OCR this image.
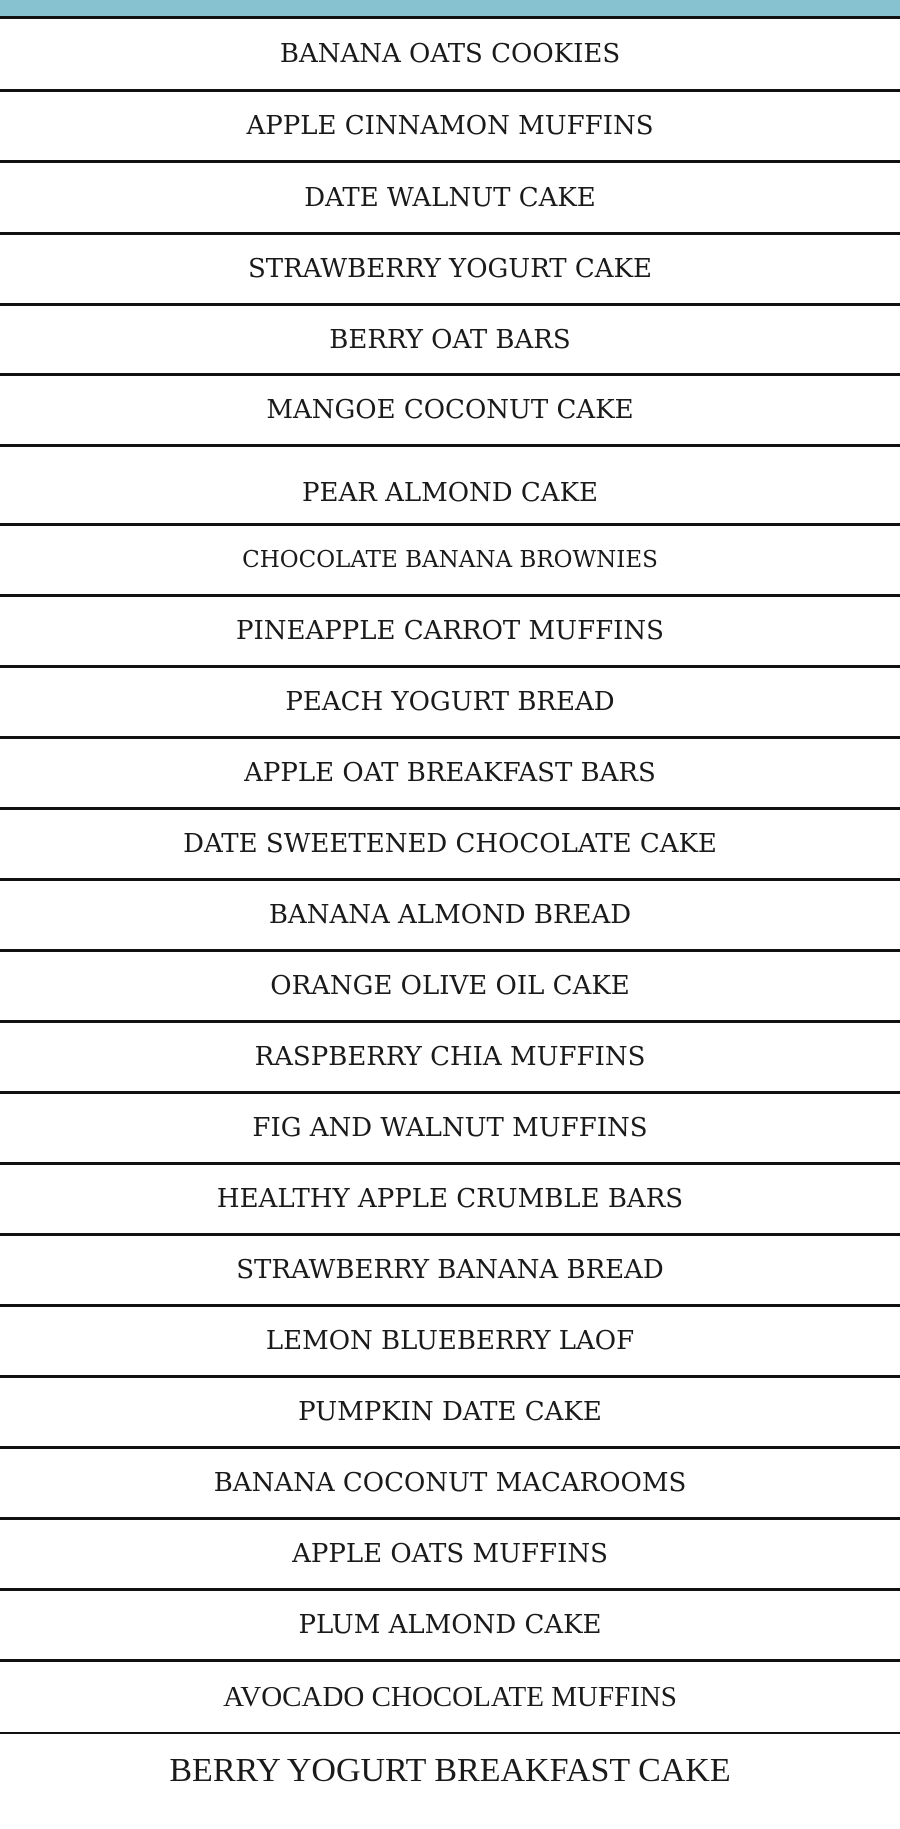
BANANA OATS COOKIES
APPLE CINNAMON MUFFINS
DATE WALNUT CAKE
STRAWBERRY YOGURT CAKE
BERRY OAT BARS
MANGOE COCONUT CAKE
PEAR ALMOND CAKE
CHOCOLATE BANANA BROWNIES
PINEAPPLE CARROT MUFFINS
PEACH YOGURT BREAD
APPLE OAT BREAKFAST BARS
DATE SWEETENED CHOCOLATE CAKE
BANANA ALMOND BREAD
ORANGE OLIVE OIL CAKE
RASPBERRY CHIA MUFFINS
FIG AND WALNUT MUFFINS
HEALTHY APPLE CRUMBLE BARS
STRAWBERRY BANANA BREAD
LEMON BLUEBERRY LAOF
PUMPKIN DATE CAKE
BANANA COCONUT MACAROOMS
APPLE OATS MUFFINS
PLUM ALMOND CAKE
AVOCADO CHOCOLATE MUFFINS
BERRY YOGURT BREAKFAST CAKE
